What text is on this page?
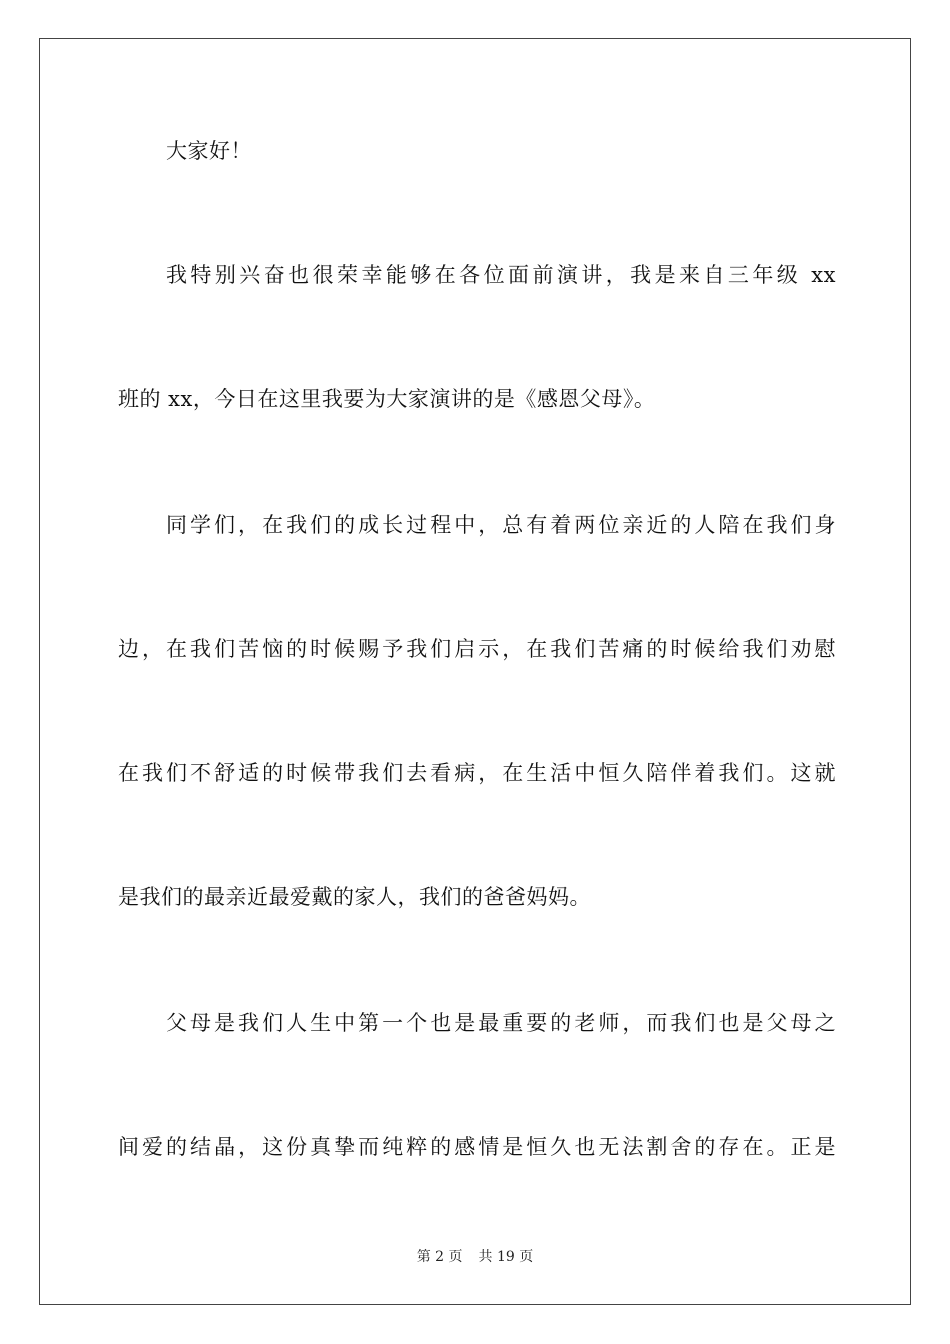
大家好！
我特别兴奋也很荣幸能够在各位面前演讲，我是来自三年级 xx
班的 xx，今日在这里我要为大家演讲的是《感恩父母》。
同学们，在我们的成长过程中，总有着两位亲近的人陪在我们身
边，在我们苦恼的时候赐予我们启示，在我们苦痛的时候给我们劝慰
在我们不舒适的时候带我们去看病，在生活中恒久陪伴着我们。这就
是我们的最亲近最爱戴的家人，我们的爸爸妈妈。
父母是我们人生中第一个也是最重要的老师，而我们也是父母之
间爱的结晶，这份真挚而纯粹的感情是恒久也无法割舍的存在。正是
第 2 页 共 19 页
